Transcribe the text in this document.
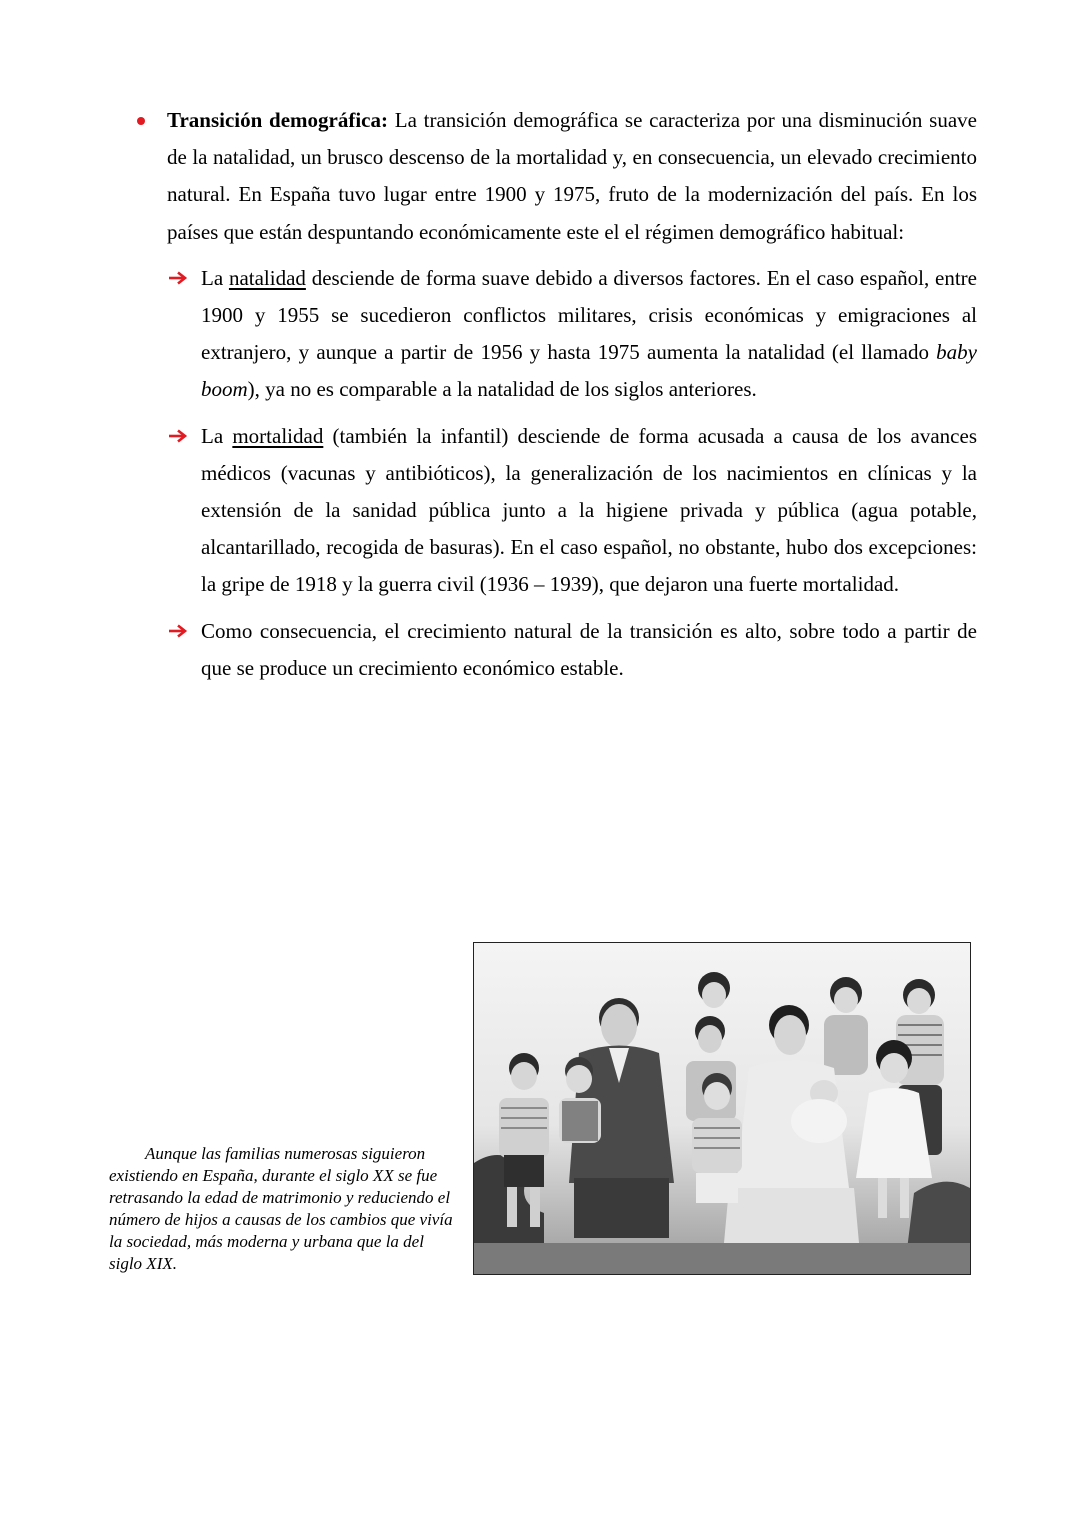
Transición demográfica: La transición demográfica se caracteriza por una disminución suave de la natalidad, un brusco descenso de la mortalidad y, en consecuencia, un elevado crecimiento natural. En España tuvo lugar entre 1900 y 1975, fruto de la modernización del país. En los países que están despuntando económicamente este el el régimen demográfico habitual:

La natalidad desciende de forma suave debido a diversos factores. En el caso español, entre 1900 y 1955 se sucedieron conflictos militares, crisis económicas y emigraciones al extranjero, y aunque a partir de 1956 y hasta 1975 aumenta la natalidad (el llamado baby boom), ya no es comparable a la natalidad de los siglos anteriores.

La mortalidad (también la infantil) desciende de forma acusada a causa de los avances médicos (vacunas y antibióticos), la generalización de los nacimientos en clínicas y la extensión de la sanidad pública junto a la higiene privada y pública (agua potable, alcantarillado, recogida de basuras). En el caso español, no obstante, hubo dos excepciones: la gripe de 1918 y la guerra civil (1936 – 1939), que dejaron una fuerte mortalidad.

Como consecuencia, el crecimiento natural de la transición es alto, sobre todo a partir de que se produce un crecimiento económico estable.

Aunque las familias numerosas siguieron existiendo en España, durante el siglo XX se fue retrasando la edad de matrimonio y reduciendo el número de hijos a causas de los cambios que vivía la sociedad, más moderna y urbana que la del siglo XIX.
